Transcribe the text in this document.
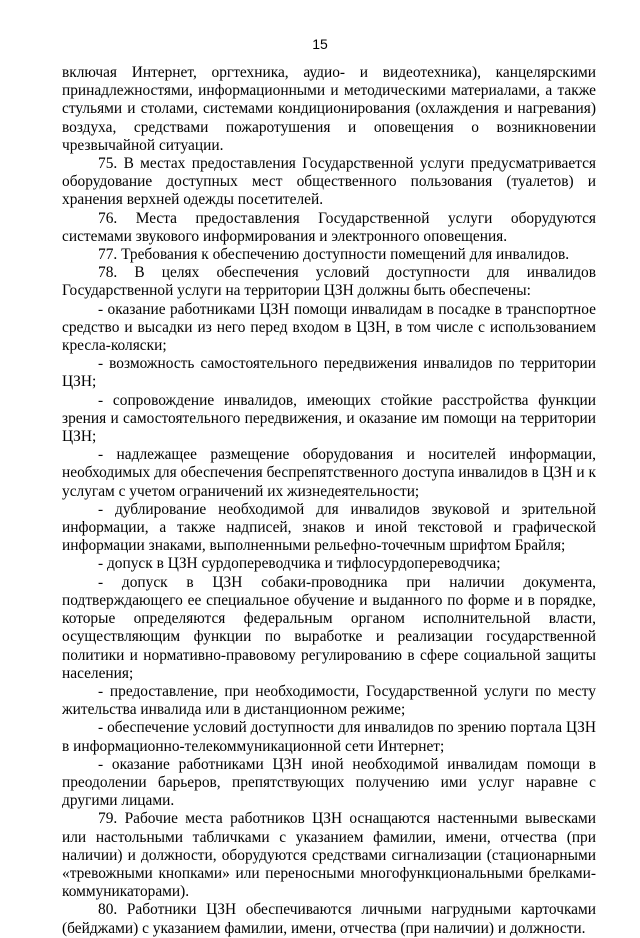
15

включая Интернет, оргтехника, аудио- и видеотехника), канцелярскими принадлежностями, информационными и методическими материалами, а также стульями и столами, системами кондиционирования (охлаждения и нагревания) воздуха, средствами пожаротушения и оповещения о возникновении чрезвычайной ситуации.

75. В местах предоставления Государственной услуги предусматривается оборудование доступных мест общественного пользования (туалетов) и хранения верхней одежды посетителей.

76. Места предоставления Государственной услуги оборудуются системами звукового информирования и электронного оповещения.

77. Требования к обеспечению доступности помещений для инвалидов.

78. В целях обеспечения условий доступности для инвалидов Государственной услуги на территории ЦЗН должны быть обеспечены:

- оказание работниками ЦЗН помощи инвалидам в посадке в транспортное средство и высадки из него перед входом в ЦЗН, в том числе с использованием кресла-коляски;

- возможность самостоятельного передвижения инвалидов по территории ЦЗН;

- сопровождение инвалидов, имеющих стойкие расстройства функции зрения и самостоятельного передвижения, и оказание им помощи на территории ЦЗН;

- надлежащее размещение оборудования и носителей информации, необходимых для обеспечения беспрепятственного доступа инвалидов в ЦЗН и к услугам с учетом ограничений их жизнедеятельности;

- дублирование необходимой для инвалидов звуковой и зрительной информации, а также надписей, знаков и иной текстовой и графической информации знаками, выполненными рельефно-точечным шрифтом Брайля;

- допуск в ЦЗН сурдопереводчика и тифлосурдопереводчика;

- допуск в ЦЗН собаки-проводника при наличии документа, подтверждающего ее специальное обучение и выданного по форме и в порядке, которые определяются федеральным органом исполнительной власти, осуществляющим функции по выработке и реализации государственной политики и нормативно-правовому регулированию в сфере социальной защиты населения;

- предоставление, при необходимости, Государственной услуги по месту жительства инвалида или в дистанционном режиме;

- обеспечение условий доступности для инвалидов по зрению портала ЦЗН в информационно-телекоммуникационной сети Интернет;

- оказание работниками ЦЗН иной необходимой инвалидам помощи в преодолении барьеров, препятствующих получению ими услуг наравне с другими лицами.

79. Рабочие места работников ЦЗН оснащаются настенными вывесками или настольными табличками с указанием фамилии, имени, отчества (при наличии) и должности, оборудуются средствами сигнализации (стационарными «тревожными кнопками» или переносными многофункциональными брелками-коммуникаторами).

80. Работники ЦЗН обеспечиваются личными нагрудными карточками (бейджами) с указанием фамилии, имени, отчества (при наличии) и должности.
